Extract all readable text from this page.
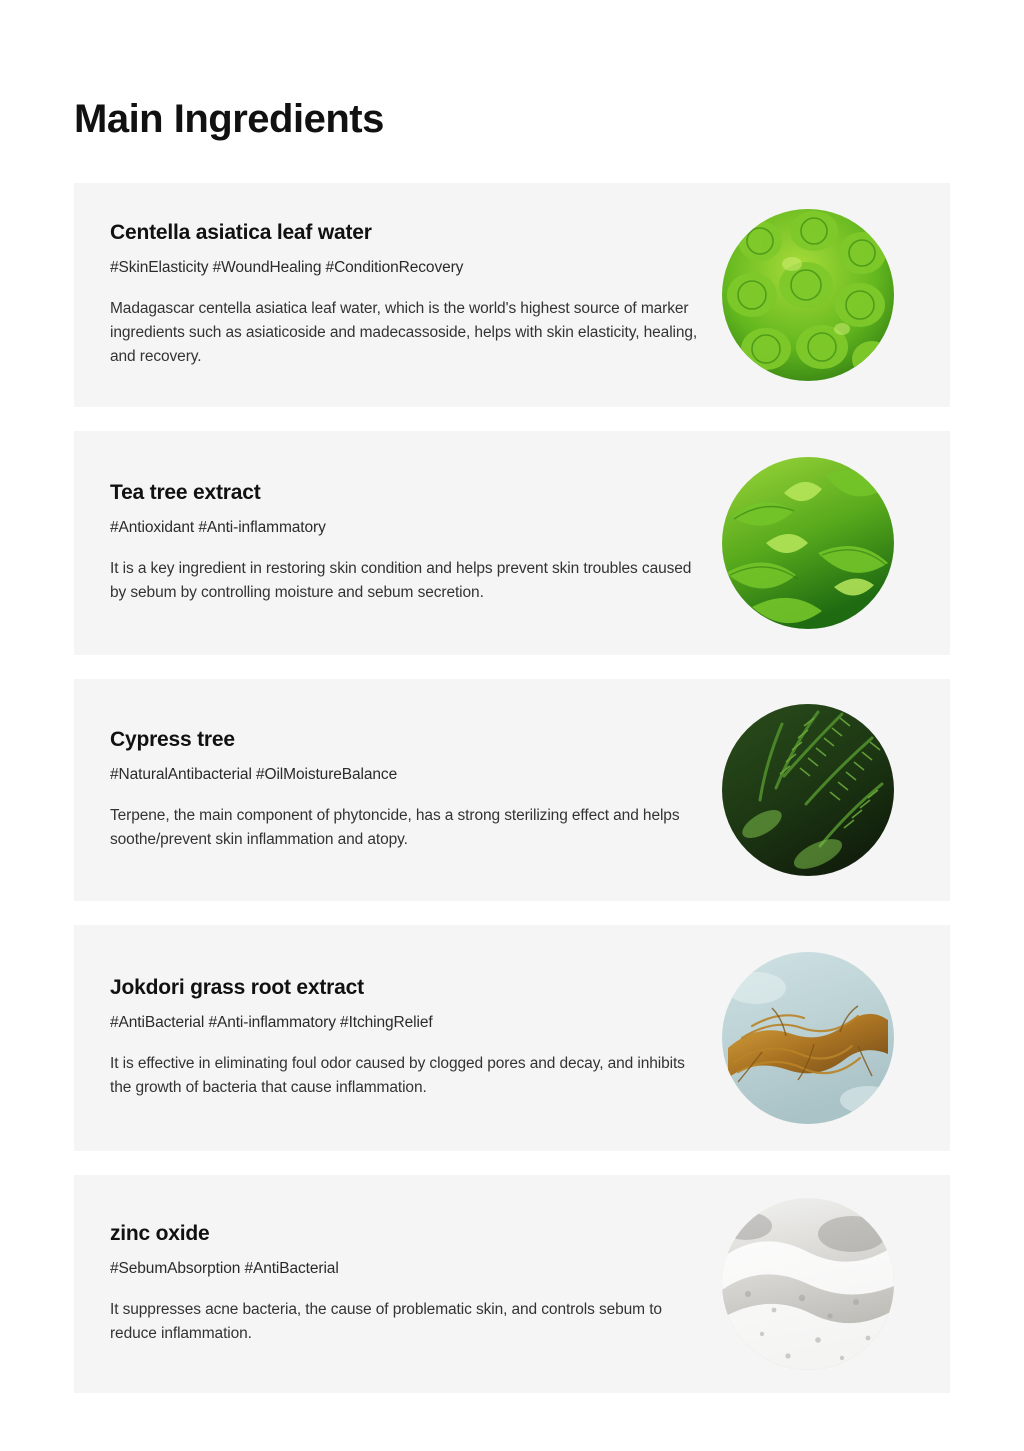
Main Ingredients
Centella asiatica leaf water
#SkinElasticity #WoundHealing #ConditionRecovery
Madagascar centella asiatica leaf water, which is the world's highest source of marker ingredients such as asiaticoside and madecassoside, helps with skin elasticity, healing, and recovery.
Tea tree extract
#Antioxidant #Anti-inflammatory
It is a key ingredient in restoring skin condition and helps prevent skin troubles caused by sebum by controlling moisture and sebum secretion.
Cypress tree
#NaturalAntibacterial #OilMoistureBalance
Terpene, the main component of phytoncide, has a strong sterilizing effect and helps soothe/prevent skin inflammation and atopy.
Jokdori grass root extract
#AntiBacterial #Anti-inflammatory #ItchingRelief
It is effective in eliminating foul odor caused by clogged pores and decay, and inhibits the growth of bacteria that cause inflammation.
zinc oxide
#SebumAbsorption #AntiBacterial
It suppresses acne bacteria, the cause of problematic skin, and controls sebum to reduce inflammation.
